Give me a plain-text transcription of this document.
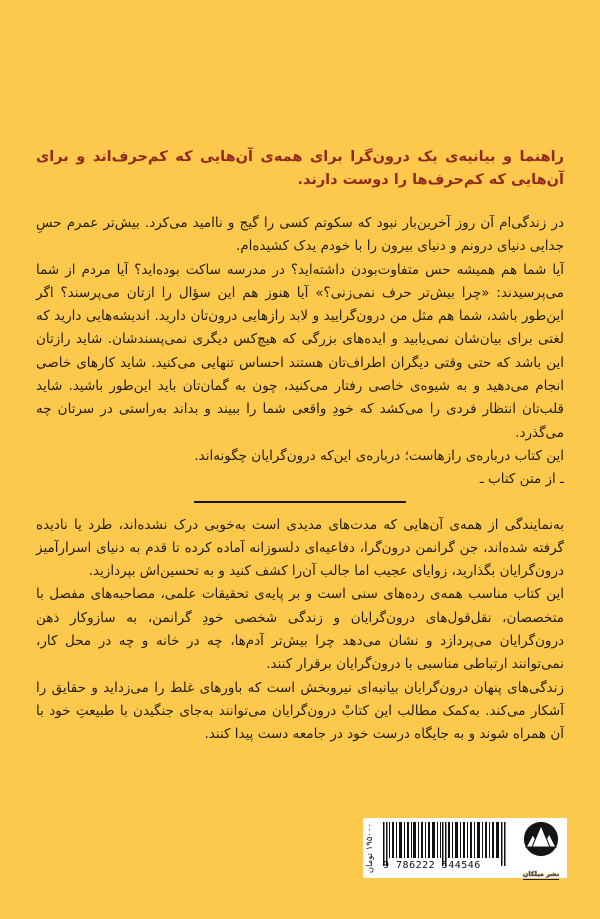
راهنما و بیانیه‌ی یک درون‌گرا برای همه‌ی آن‌هایی که کم‌حرف‌اند و برای آن‌هایی که کم‌حرف‌ها را دوست دارند.

در زندگی‌ام آن روز آخرین‌بار نبود که سکوتم کسی را گیج و ناامید می‌کرد. بیش‌تر عمرم حسِ جدایی دنیای درونم و دنیای بیرون را با خودم یدک کشیده‌ام.

آیا شما هم همیشه حس متفاوت‌بودن داشته‌اید؟ در مدرسه ساکت بوده‌اید؟ آیا مردم از شما می‌پرسیدند: «چرا بیش‌تر حرف نمی‌زنی؟» آیا هنوز هم این سؤال را ازتان می‌پرسند؟ اگر این‌طور باشد، شما هم مثل من درون‌گرایید و لابد رازهایی درون‌تان دارید. اندیشه‌هایی دارید که لغتی برای بیان‌شان نمی‌یابید و ایده‌های بزرگی که هیچ‌کس دیگری نمی‌پسندشان. شاید رازتان این باشد که حتی وقتی دیگران اطراف‌تان هستند احساس تنهایی می‌کنید. شاید کارهای خاصی انجام می‌دهید و به شیوه‌ی خاصی رفتار می‌کنید، چون به گمان‌تان باید این‌طور باشید. شاید قلب‌تان انتظار فردی را می‌کشد که خودِ واقعی شما را ببیند و بداند به‌راستی در سرتان چه می‌گذرد.

این کتاب درباره‌ی رازهاست؛ درباره‌ی این‌که درون‌گرایان چگونه‌اند.

ـ از متن کتاب ـ

به‌نمایندگی از همه‌ی آن‌هایی که مدت‌های مدیدی است به‌خوبی درک نشده‌اند، طرد یا نادیده گرفته شده‌اند، جن گرانمن درون‌گرا، دفاعیه‌ای دلسوزانه آماده کرده تا قدم به دنیای اسرارآمیز درون‌گرایان بگذارید، زوایای عجیب اما جالب آن‌را کشف کنید و به تحسین‌اش بپردازید.

این کتاب مناسب همه‌ی رده‌های سنی است و بر پایه‌ی تحقیقات علمی، مصاحبه‌های مفصل با متخصصان، نقل‌قول‌های درون‌گرایان و زندگی شخصی خودِ گرانمن، به سازوکار ذهن درون‌گرایان می‌پردازد و نشان می‌دهد چرا بیش‌تر آدم‌ها، چه در خانه و چه در محل کار، نمی‌توانند ارتباطی مناسبی با درون‌گرایان برقرار کنند.

زندگی‌های پنهان درون‌گرایان بیانیه‌ای نیروبخش است که باورهای غلط را می‌زداید و حقایق را آشکار می‌کند. به‌کمک مطالب این کتابْ درون‌گرایان می‌توانند به‌جای جنگیدن با طبیعتِ خود با آن همراه شوند و به جایگاه درست خود در جامعه دست پیدا کنند.

۱۹۵۰۰۰ تومان
9 786222 544546
نشر میلکان
